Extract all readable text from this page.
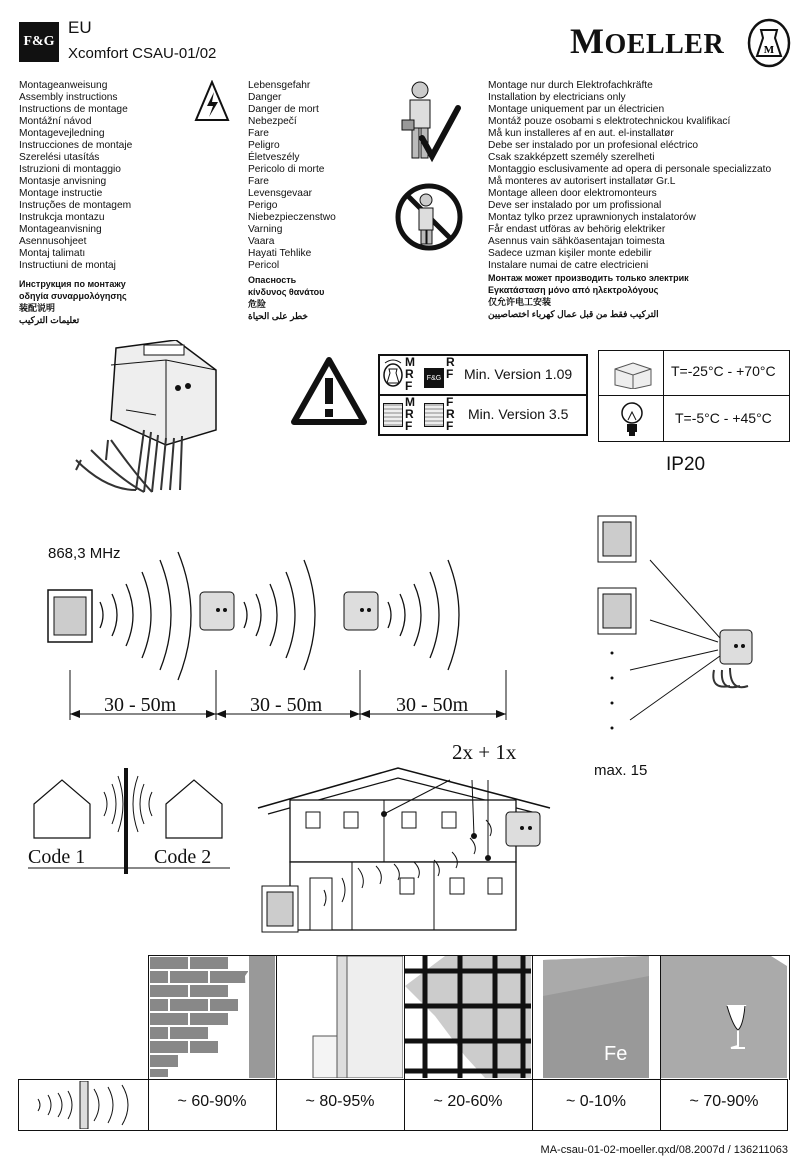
F&G
EU
Xcomfort CSAU-01/02	MOELLER	M
Montageanweisung
Assembly instructions
Instructions de montage
Montážní návod
Montagevejledning
Instrucciones de montaje
Szerelési utasítás
Istruzioni di montaggio
Montasje anvisning
Montage instructie
Instruções de montagem
Instrukcja montazu
Montageanvisning
Asennusohjeet
Montaj talimatı
Instructiuni de montaj
Инструкция по монтажу
οδηγία συναρμολόγησης
装配说明
تعليمات التركيب
Lebensgefahr
Danger
Danger de mort
Nebezpečí
Fare
Peligro
Életveszély
Pericolo di morte
Fare
Levensgevaar
Perigo
Niebezpieczenstwo
Varning
Vaara
Hayati Tehlike
Pericol
Опасность
κίνδυνος θανάτου
危险
خطر على الحياة
Montage nur durch Elektrofachkräfte
Installation by electricians only
Montage uniquement par un électricien
Montáž pouze osobami s elektrotechnickou kvalifikací
Må kun installeres af en aut. el-installatør
Debe ser instalado por un profesional eléctrico
Csak szakképzett személy szerelheti
Montaggio esclusivamente ad opera di personale specializzato
Må monteres av autorisert installatør Gr.L
Montage alleen door elektromonteurs
Deve ser instalado por um profissional
Montaz tylko przez uprawnionych instalatorów
Får endast utföras av behörig elektriker
Asennus vain sähköasentajan toimesta
Sadece uzman kişiler monte edebilir
Instalare numai de catre electricieni
Монтаж может производить только электрик
Εγκατάσταση μόνο από ηλεκτρολόγους
仅允许电工安装
التركيب فقط من قبل عمال كهرباء اختصاصيين
M
R
F
F&G
R
F Min. Version 1.09
M
R
F
F
R
F
Min. Version 3.5
T=-25°C - +70°C
T=-5°C - +45°C
IP20
868,3 MHz
30 - 50m	30 - 50m	30 - 50m
max. 15
Code 1	Code 2
2x + 1x
Fe
~ 60-90%	~ 80-95%	~ 20-60%	~ 0-10%	~ 70-90%
MA-csau-01-02-moeller.qxd/08.2007d / 136211063
